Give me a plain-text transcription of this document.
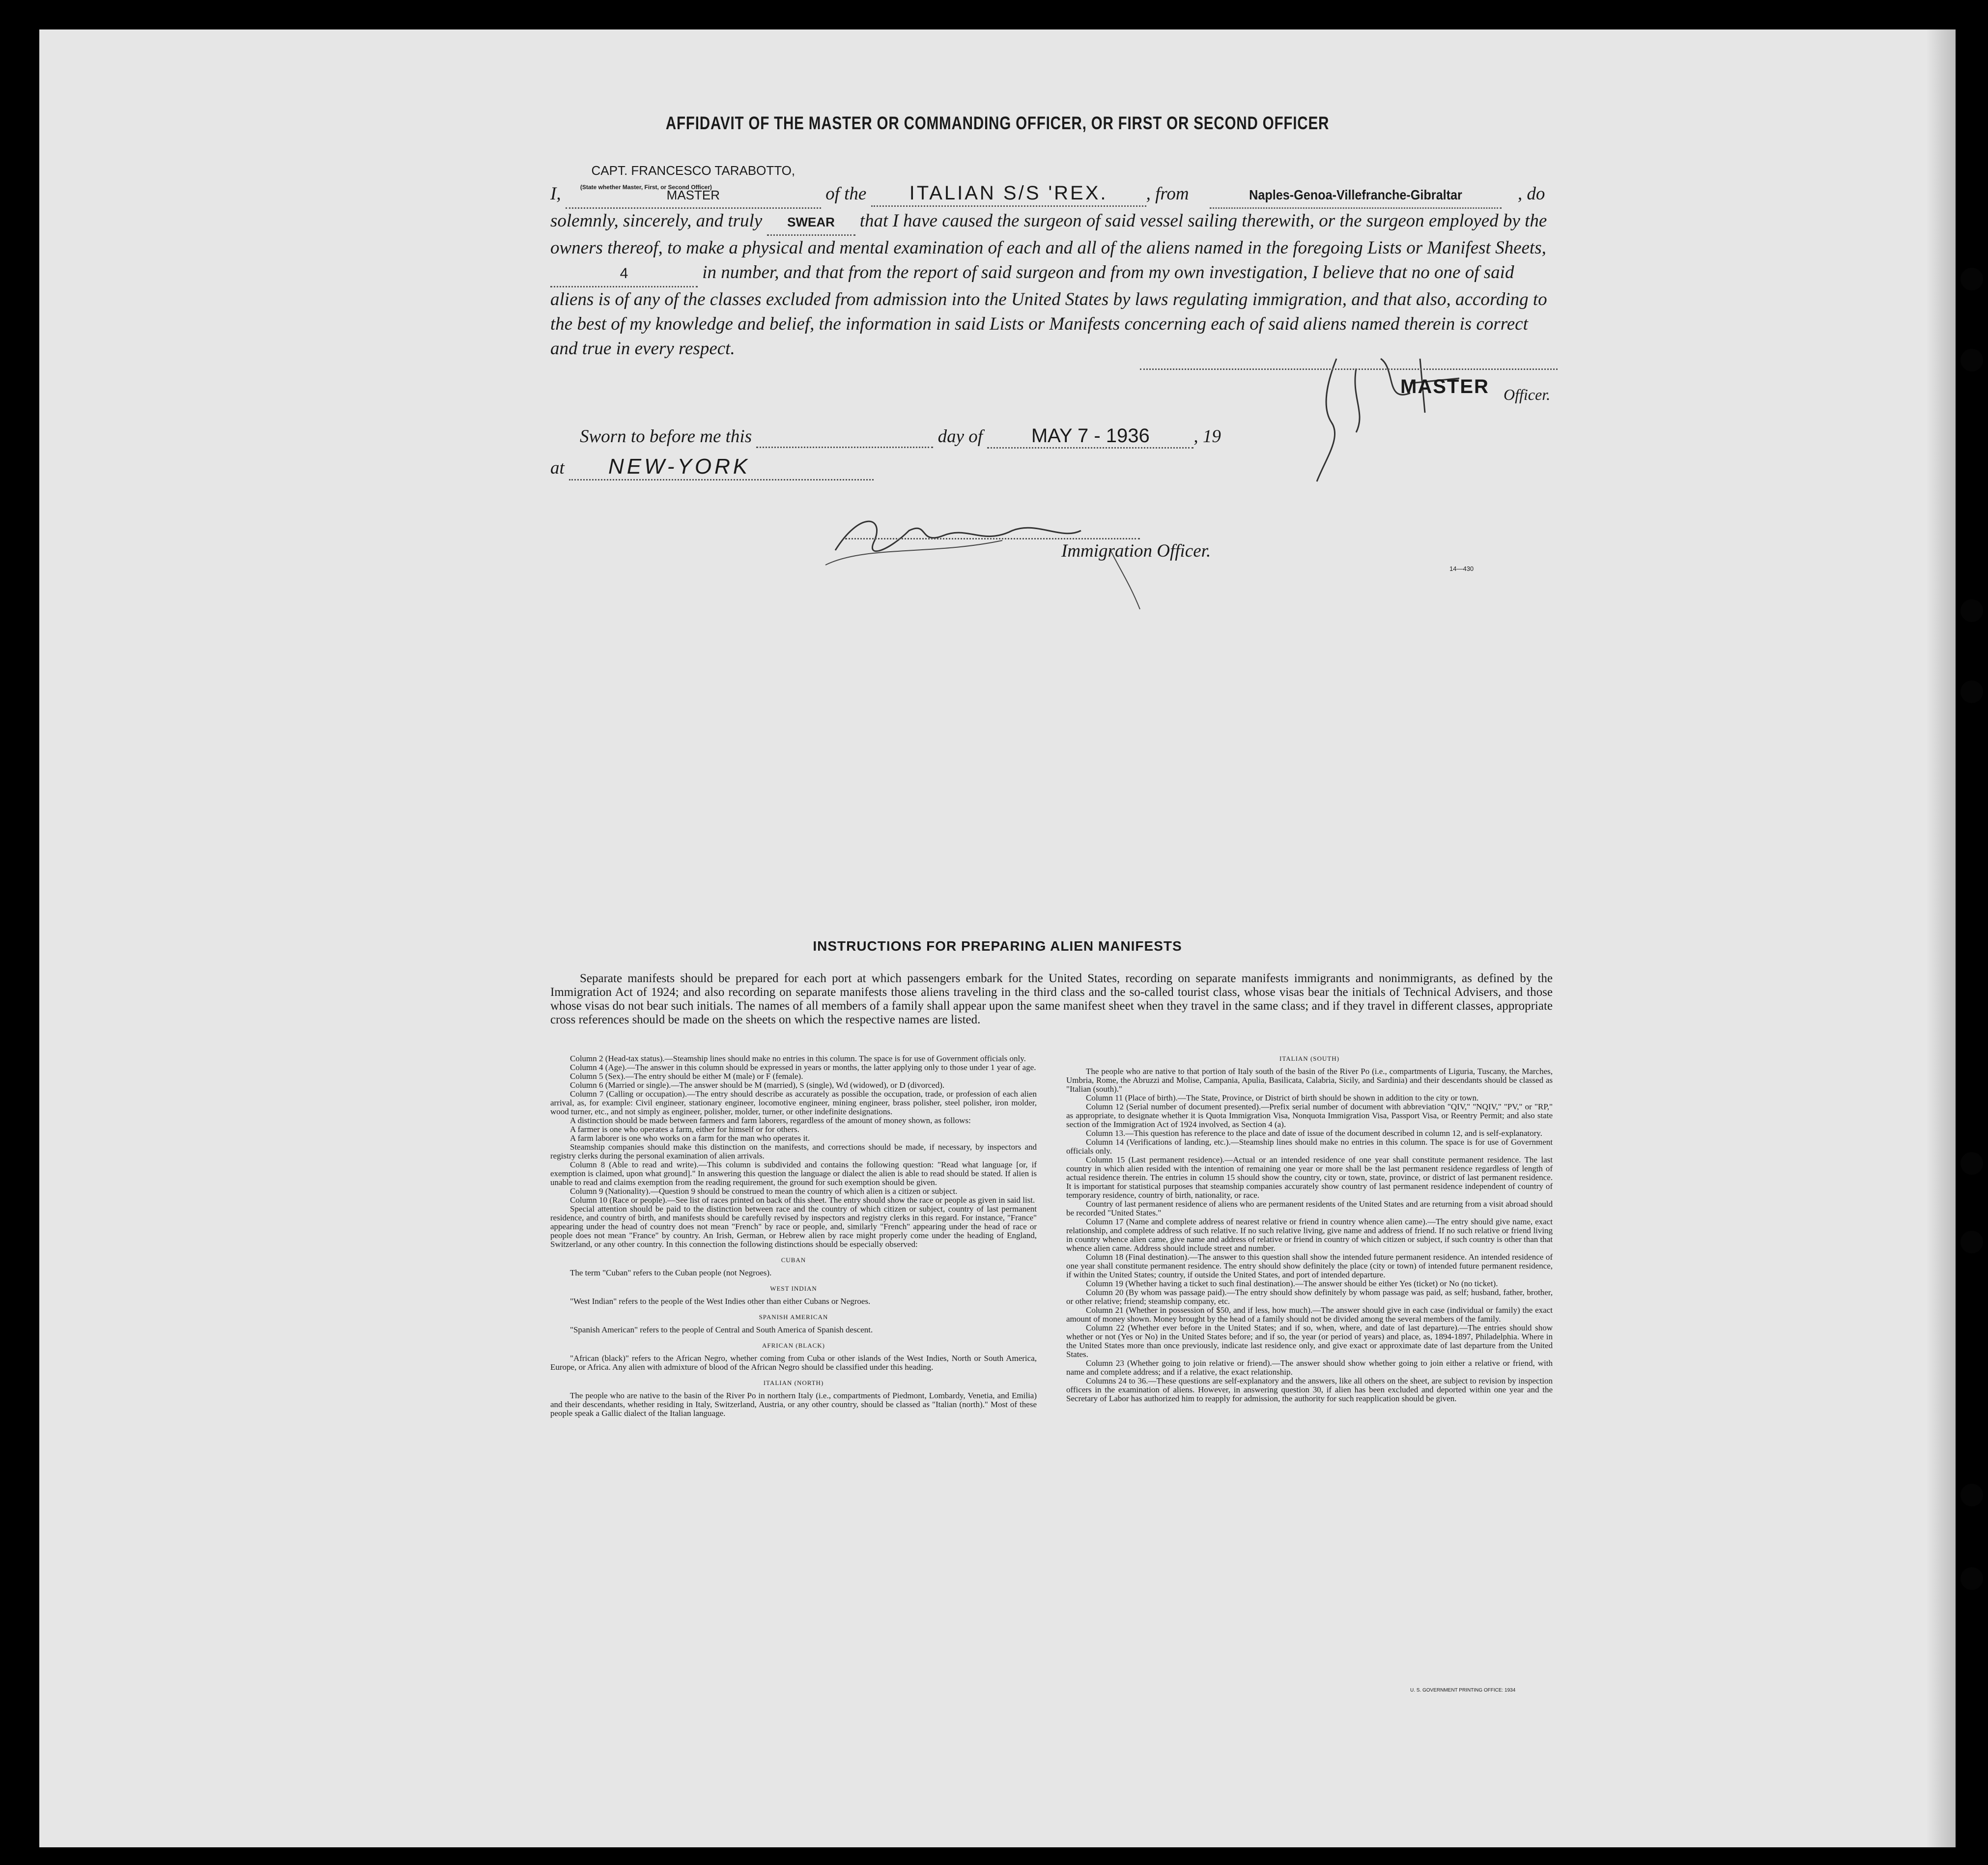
AFFIDAVIT OF THE MASTER OR COMMANDING OFFICER, OR FIRST OR SECOND OFFICER
I, CAPT. FRANCESCO TARABOTTO, MASTER
(State whether Master, First, or Second Officer)	of the ITALIAN S/S 'REX. , from	Naples-Genoa-Villefranche-Gibraltar	, do solemnly, sincerely, and truly SWEAR that I have caused the surgeon of said vessel sailing therewith, or the surgeon employed by the owners thereof, to make a physical and mental examination of each and all of the aliens named in the foregoing Lists or Manifest Sheets, 4	in number, and that from the report of said surgeon and from my own investigation, I believe that no one of said aliens is of any of the classes excluded from admission into the United States by laws regulating immigration, and that also, according to the best of my knowledge and belief, the information in said Lists or Manifests concerning each of said aliens named therein is correct and true in every respect.
MASTER Officer.
Sworn to before me this	day of MAY 7 - 1936 , 19
at NEW-YORK
Immigration Officer.
14—430
INSTRUCTIONS FOR PREPARING ALIEN MANIFESTS
Separate manifests should be prepared for each port at which passengers embark for the United States, recording on separate manifests immigrants and nonimmigrants, as defined by the Immigration Act of 1924; and also recording on separate manifests those aliens traveling in the third class and the so-called tourist class, whose visas bear the initials of Technical Advisers, and those whose visas do not bear such initials. The names of all members of a family shall appear upon the same manifest sheet when they travel in the same class; and if they travel in different classes, appropriate cross references should be made on the sheets on which the respective names are listed.

Column 2 (Head-tax status).—Steamship lines should make no entries in this column. The space is for use of Government officials only.

Column 4 (Age).—The answer in this column should be expressed in years or months, the latter applying only to those under 1 year of age.

Column 5 (Sex).—The entry should be either M (male) or F (female).

Column 6 (Married or single).—The answer should be M (married), S (single), Wd (widowed), or D (divorced).

Column 7 (Calling or occupation).—The entry should describe as accurately as possible the occupation, trade, or profession of each alien arrival, as, for example: Civil engineer, stationary engineer, locomotive engineer, mining engineer, brass polisher, steel polisher, iron molder, wood turner, etc., and not simply as engineer, polisher, molder, turner, or other indefinite designations.

A distinction should be made between farmers and farm laborers, regardless of the amount of money shown, as follows:

A farmer is one who operates a farm, either for himself or for others.

A farm laborer is one who works on a farm for the man who operates it.

Steamship companies should make this distinction on the manifests, and corrections should be made, if necessary, by inspectors and registry clerks during the personal examination of alien arrivals.

Column 8 (Able to read and write).—This column is subdivided and contains the following question: "Read what language [or, if exemption is claimed, upon what ground]." In answering this question the language or dialect the alien is able to read should be stated. If alien is unable to read and claims exemption from the reading requirement, the ground for such exemption should be given.

Column 9 (Nationality).—Question 9 should be construed to mean the country of which alien is a citizen or subject.

Column 10 (Race or people).—See list of races printed on back of this sheet. The entry should show the race or people as given in said list.

Special attention should be paid to the distinction between race and the country of which citizen or subject, country of last permanent residence, and country of birth, and manifests should be carefully revised by inspectors and registry clerks in this regard. For instance, "France" appearing under the head of country does not mean "French" by race or people, and, similarly "French" appearing under the head of race or people does not mean "France" by country. An Irish, German, or Hebrew alien by race might properly come under the heading of England, Switzerland, or any other country. In this connection the following distinctions should be especially observed:

CUBAN

The term "Cuban" refers to the Cuban people (not Negroes).

WEST INDIAN

"West Indian" refers to the people of the West Indies other than either Cubans or Negroes.

SPANISH AMERICAN

"Spanish American" refers to the people of Central and South America of Spanish descent.

AFRICAN (BLACK)

"African (black)" refers to the African Negro, whether coming from Cuba or other islands of the West Indies, North or South America, Europe, or Africa. Any alien with admixture of blood of the African Negro should be classified under this heading.

ITALIAN (NORTH)

The people who are native to the basin of the River Po in northern Italy (i.e., compartments of Piedmont, Lombardy, Venetia, and Emilia) and their descendants, whether residing in Italy, Switzerland, Austria, or any other country, should be classed as "Italian (north)." Most of these people speak a Gallic dialect of the Italian language.

ITALIAN (SOUTH)

The people who are native to that portion of Italy south of the basin of the River Po (i.e., compartments of Liguria, Tuscany, the Marches, Umbria, Rome, the Abruzzi and Molise, Campania, Apulia, Basilicata, Calabria, Sicily, and Sardinia) and their descendants should be classed as "Italian (south)."

Column 11 (Place of birth).—The State, Province, or District of birth should be shown in addition to the city or town.

Column 12 (Serial number of document presented).—Prefix serial number of document with abbreviation "QIV," "NQIV," "PV," or "RP," as appropriate, to designate whether it is Quota Immigration Visa, Nonquota Immigration Visa, Passport Visa, or Reentry Permit; and also state section of the Immigration Act of 1924 involved, as Section 4 (a).

Column 13.—This question has reference to the place and date of issue of the document described in column 12, and is self-explanatory.

Column 14 (Verifications of landing, etc.).—Steamship lines should make no entries in this column. The space is for use of Government officials only.

Column 15 (Last permanent residence).—Actual or an intended residence of one year shall constitute permanent residence. The last country in which alien resided with the intention of remaining one year or more shall be the last permanent residence regardless of length of actual residence therein. The entries in column 15 should show the country, city or town, state, province, or district of last permanent residence. It is important for statistical purposes that steamship companies accurately show country of last permanent residence independent of country of temporary residence, country of birth, nationality, or race.

Country of last permanent residence of aliens who are permanent residents of the United States and are returning from a visit abroad should be recorded "United States."

Column 17 (Name and complete address of nearest relative or friend in country whence alien came).—The entry should give name, exact relationship, and complete address of such relative. If no such relative living, give name and address of friend. If no such relative or friend living in country whence alien came, give name and address of relative or friend in country of which citizen or subject, if such country is other than that whence alien came. Address should include street and number.

Column 18 (Final destination).—The answer to this question shall show the intended future permanent residence. An intended residence of one year shall constitute permanent residence. The entry should show definitely the place (city or town) of intended future permanent residence, if within the United States; country, if outside the United States, and port of intended departure.

Column 19 (Whether having a ticket to such final destination).—The answer should be either Yes (ticket) or No (no ticket).

Column 20 (By whom was passage paid).—The entry should show definitely by whom passage was paid, as self; husband, father, brother, or other relative; friend; steamship company, etc.

Column 21 (Whether in possession of $50, and if less, how much).—The answer should give in each case (individual or family) the exact amount of money shown. Money brought by the head of a family should not be divided among the several members of the family.

Column 22 (Whether ever before in the United States; and if so, when, where, and date of last departure).—The entries should show whether or not (Yes or No) in the United States before; and if so, the year (or period of years) and place, as, 1894-1897, Philadelphia. Where in the United States more than once previously, indicate last residence only, and give exact or approximate date of last departure from the United States.

Column 23 (Whether going to join relative or friend).—The answer should show whether going to join either a relative or friend, with name and complete address; and if a relative, the exact relationship.

Columns 24 to 36.—These questions are self-explanatory and the answers, like all others on the sheet, are subject to revision by inspection officers in the examination of aliens. However, in answering question 30, if alien has been excluded and deported within one year and the Secretary of Labor has authorized him to reapply for admission, the authority for such reapplication should be given.

U. S. GOVERNMENT PRINTING OFFICE: 1934
